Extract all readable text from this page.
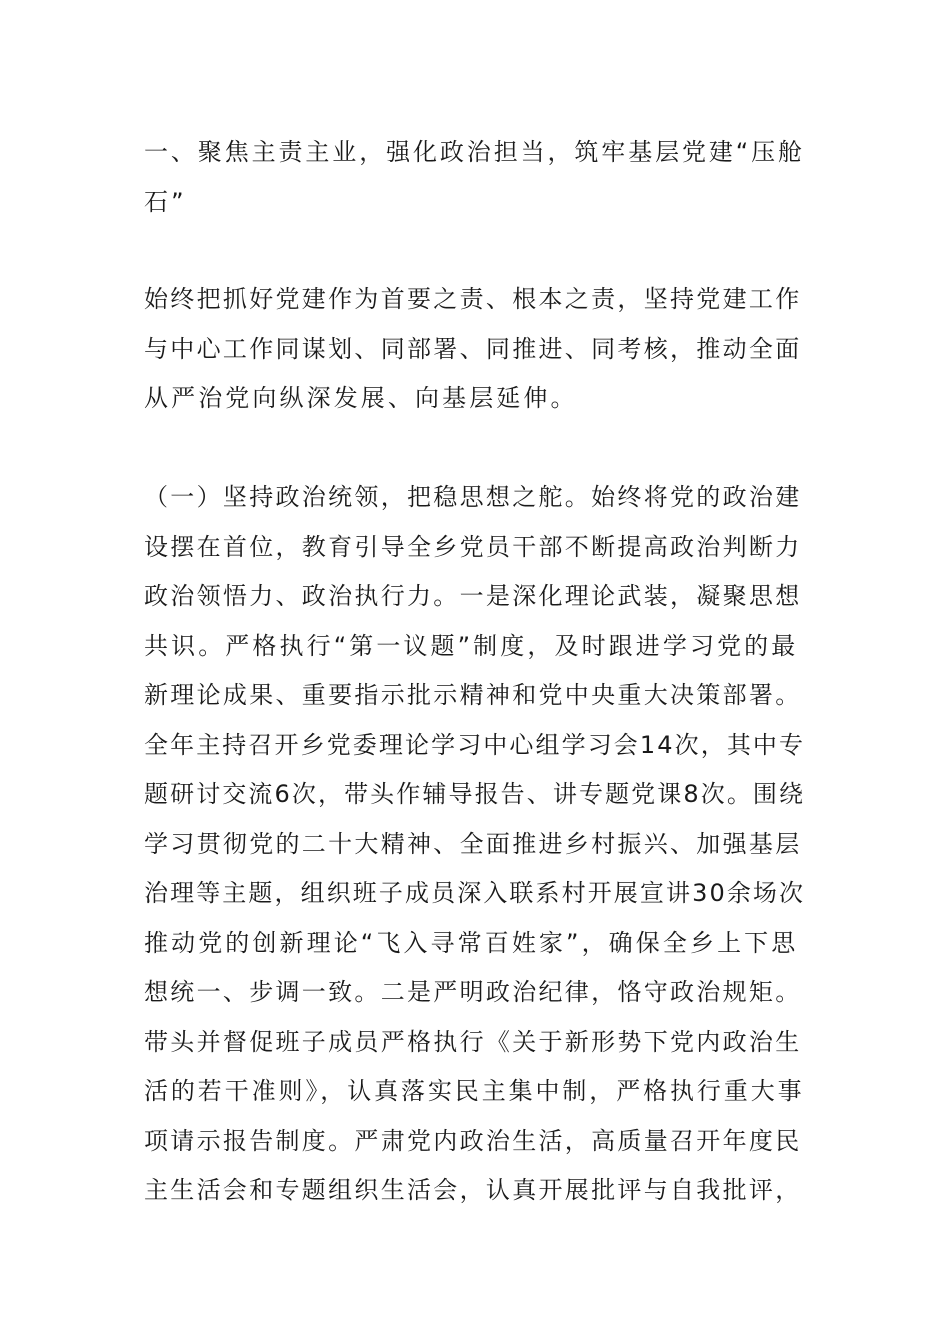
一、聚焦主责主业，强化政治担当，筑牢基层党建“压舱
石”
始终把抓好党建作为首要之责、根本之责，坚持党建工作
与中心工作同谋划、同部署、同推进、同考核，推动全面
从严治党向纵深发展、向基层延伸。
（一）坚持政治统领，把稳思想之舵。始终将党的政治建
设摆在首位，教育引导全乡党员干部不断提高政治判断力
政治领悟力、政治执行力。一是深化理论武装，凝聚思想
共识。严格执行“第一议题”制度，及时跟进学习党的最
新理论成果、重要指示批示精神和党中央重大决策部署。
全年主持召开乡党委理论学习中心组学习会14次，其中专
题研讨交流6次，带头作辅导报告、讲专题党课8次。围绕
学习贯彻党的二十大精神、全面推进乡村振兴、加强基层
治理等主题，组织班子成员深入联系村开展宣讲30余场次
推动党的创新理论“飞入寻常百姓家”，确保全乡上下思
想统一、步调一致。二是严明政治纪律，恪守政治规矩。
带头并督促班子成员严格执行《关于新形势下党内政治生
活的若干准则》，认真落实民主集中制，严格执行重大事
项请示报告制度。严肃党内政治生活，高质量召开年度民
主生活会和专题组织生活会，认真开展批评与自我批评，
